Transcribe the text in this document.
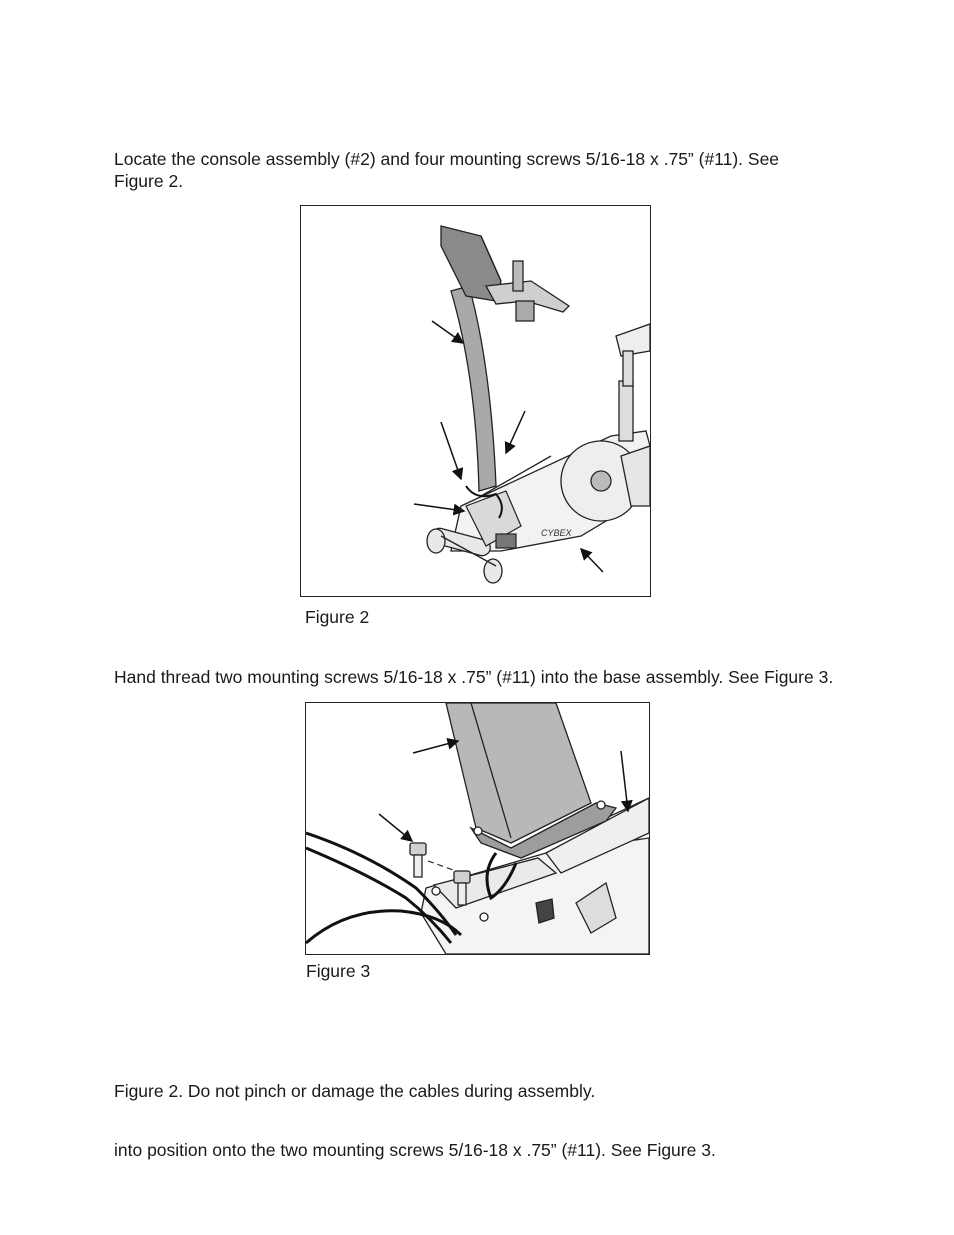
Locate the console assembly (#2) and four mounting screws 5/16-18 x .75” (#11). See

Figure 2.

CYBEX

Figure 2

Hand thread two mounting screws 5/16-18 x .75” (#11) into the base assembly. See Figure 3.

Figure 3

Figure 2. Do not pinch or damage the cables during assembly.

into position onto the two mounting screws 5/16-18 x .75” (#11). See Figure 3.
